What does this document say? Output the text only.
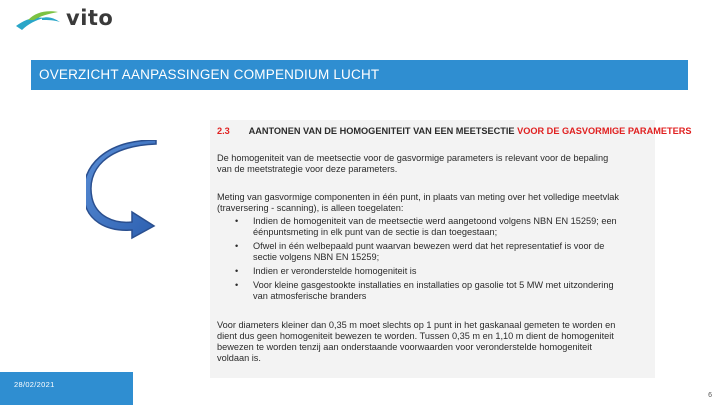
vito
OVERZICHT AANPASSINGEN COMPENDIUM LUCHT
2.3 AANTONEN VAN DE HOMOGENITEIT VAN EEN MEETSECTIE VOOR DE GASVORMIGE PARAMETERS
De homogeniteit van de meetsectie voor de gasvormige parameters is relevant voor de bepaling
van de meetstrategie voor deze parameters.
Meting van gasvormige componenten in één punt, in plaats van meting over het volledige meetvlak
(traversering - scanning), is alleen toegelaten:
• Indien de homogeniteit van de meetsectie werd aangetoond volgens NBN EN 15259; een
éénpuntsmeting in elk punt van de sectie is dan toegestaan;
• Ofwel in één welbepaald punt waarvan bewezen werd dat het representatief is voor de
sectie volgens NBN EN 15259;
• Indien er veronderstelde homogeniteit is
• Voor kleine gasgestookte installaties en installaties op gasolie tot 5 MW met uitzondering
van atmosferische branders
Voor diameters kleiner dan 0,35 m moet slechts op 1 punt in het gaskanaal gemeten te worden en
dient dus geen homogeniteit bewezen te worden. Tussen 0,35 m en 1,10 m dient de homogeniteit
bewezen te worden tenzij aan onderstaande voorwaarden voor veronderstelde homogeniteit
voldaan is.
28/02/2021
6
